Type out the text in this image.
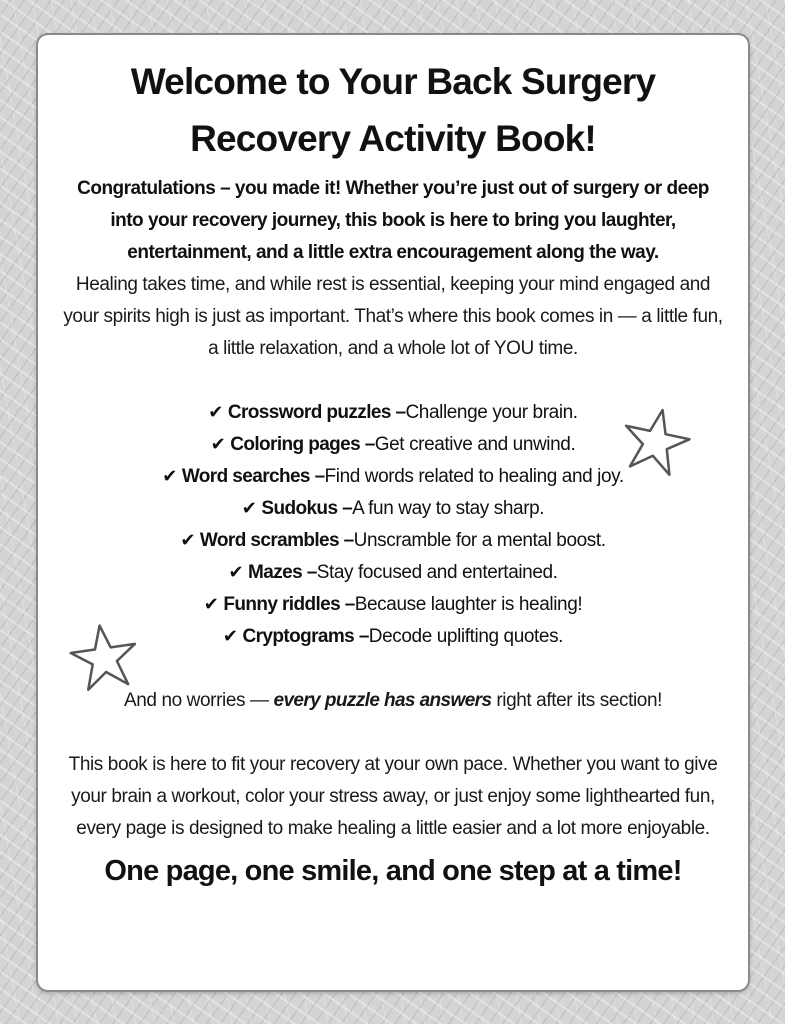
Welcome to Your Back Surgery
Recovery Activity Book!

Congratulations – you made it! Whether you’re just out of surgery or deep into your recovery journey, this book is here to bring you laughter, entertainment, and a little extra encouragement along the way.

Healing takes time, and while rest is essential, keeping your mind engaged and your spirits high is just as important. That’s where this book comes in — a little fun, a little relaxation, and a whole lot of YOU time.

✔ Crossword puzzles –Challenge your brain.
✔ Coloring pages –Get creative and unwind.
✔ Word searches –Find words related to healing and joy.
✔ Sudokus –A fun way to stay sharp.
✔ Word scrambles –Unscramble for a mental boost.
✔ Mazes –Stay focused and entertained.
✔ Funny riddles –Because laughter is healing!
✔ Cryptograms –Decode uplifting quotes.

And no worries — every puzzle has answers right after its section!

This book is here to fit your recovery at your own pace. Whether you want to give your brain a workout, color your stress away, or just enjoy some lighthearted fun, every page is designed to make healing a little easier and a lot more enjoyable.

One page, one smile, and one step at a time!
